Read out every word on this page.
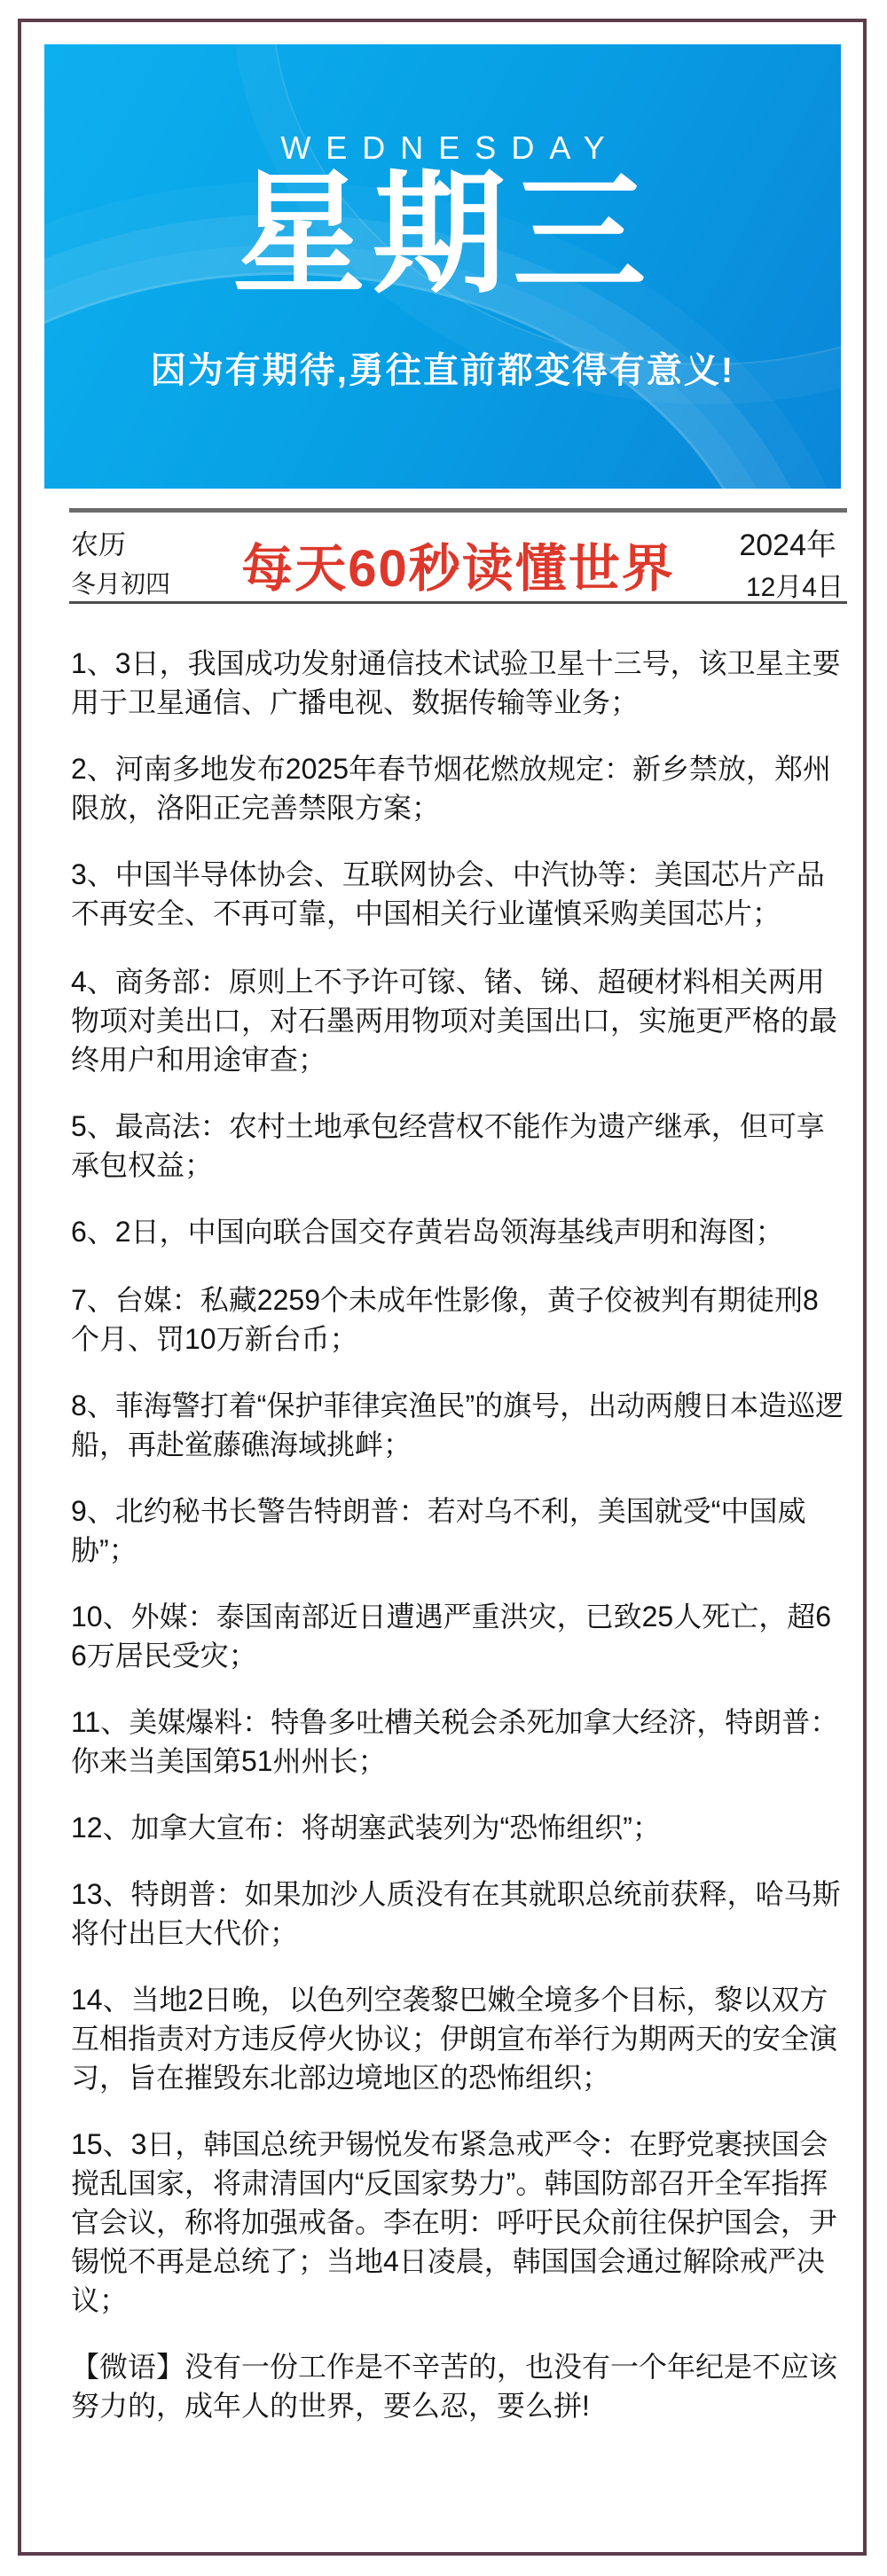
WEDNESDAY
星期三
因为有期待,勇往直前都变得有意义!
农历
冬月初四	每天60秒读懂世界	2024年
12月4日

1、3日，我国成功发射通信技术试验卫星十三号，该卫星主要用于卫星通信、广播电视、数据传输等业务；

2、河南多地发布2025年春节烟花燃放规定：新乡禁放，郑州限放，洛阳正完善禁限方案；

3、中国半导体协会、互联网协会、中汽协等：美国芯片产品不再安全、不再可靠，中国相关行业谨慎采购美国芯片；

4、商务部：原则上不予许可镓、锗、锑、超硬材料相关两用物项对美出口，对石墨两用物项对美国出口，实施更严格的最终用户和用途审查；

5、最高法：农村土地承包经营权不能作为遗产继承，但可享承包权益；

6、2日，中国向联合国交存黄岩岛领海基线声明和海图；

7、台媒：私藏2259个未成年性影像，黄子佼被判有期徒刑8个月、罚10万新台币；

8、菲海警打着“保护菲律宾渔民”的旗号，出动两艘日本造巡逻船，再赴鲎藤礁海域挑衅；

9、北约秘书长警告特朗普：若对乌不利，美国就受“中国威胁”；

10、外媒：泰国南部近日遭遇严重洪灾，已致25人死亡，超66万居民受灾；

11、美媒爆料：特鲁多吐槽关税会杀死加拿大经济，特朗普：你来当美国第51州州长；

12、加拿大宣布：将胡塞武装列为“恐怖组织”；

13、特朗普：如果加沙人质没有在其就职总统前获释，哈马斯将付出巨大代价；

14、当地2日晚，以色列空袭黎巴嫩全境多个目标，黎以双方互相指责对方违反停火协议；伊朗宣布举行为期两天的安全演习，旨在摧毁东北部边境地区的恐怖组织；

15、3日，韩国总统尹锡悦发布紧急戒严令：在野党裹挟国会搅乱国家，将肃清国内“反国家势力”。韩国防部召开全军指挥官会议，称将加强戒备。李在明：呼吁民众前往保护国会，尹锡悦不再是总统了；当地4日凌晨，韩国国会通过解除戒严决议；

【微语】没有一份工作是不辛苦的，也没有一个年纪是不应该努力的，成年人的世界，要么忍，要么拼!
